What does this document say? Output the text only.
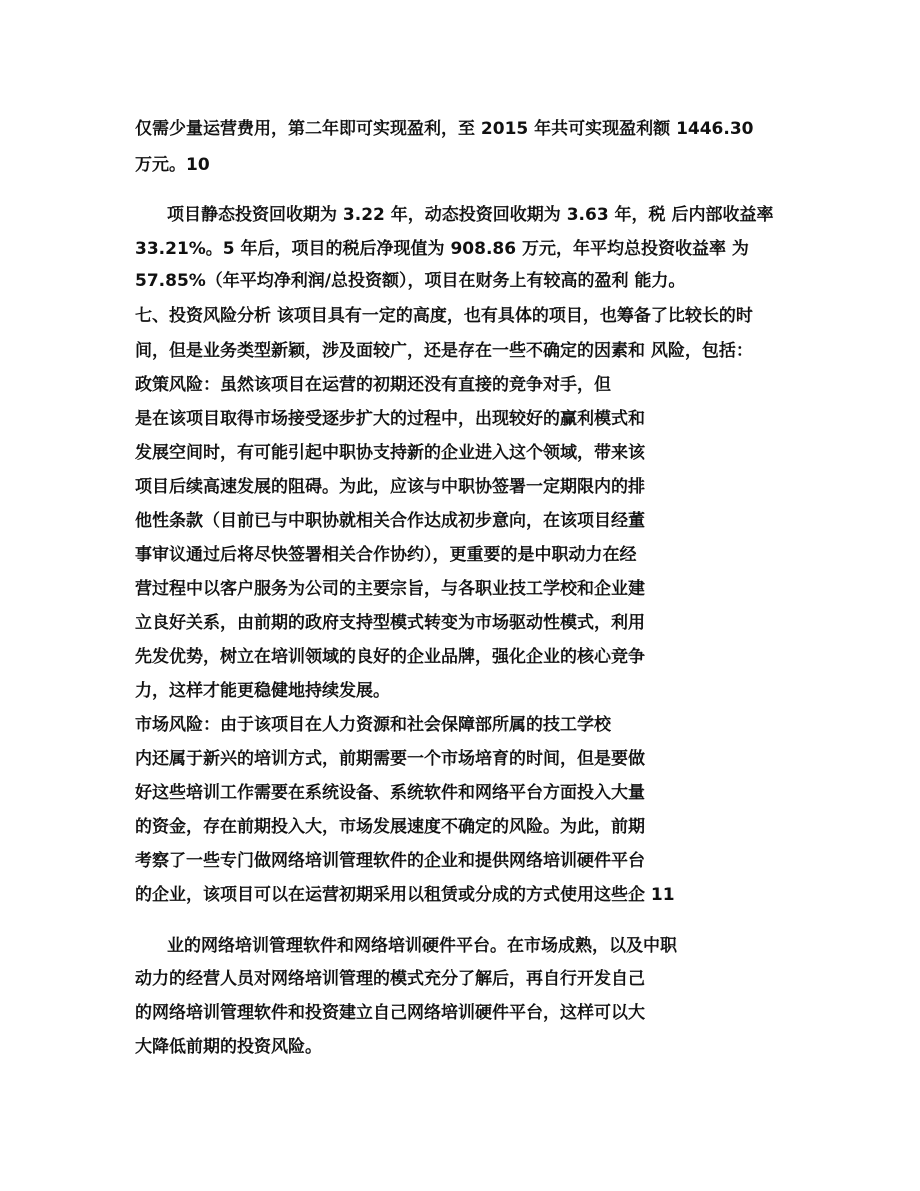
仅需少量运营费用，第二年即可实现盈利，至 2015 年共可实现盈利额 1446.30
万元。10
项目静态投资回收期为 3.22 年，动态投资回收期为 3.63 年，税 后内部收益率
33.21%。5 年后，项目的税后净现值为 908.86 万元，年平均总投资收益率 为
57.85%（年平均净利润/总投资额），项目在财务上有较高的盈利 能力。
七、投资风险分析 该项目具有一定的高度，也有具体的项目，也筹备了比较长的时
间，但是业务类型新颖，涉及面较广，还是存在一些不确定的因素和 风险，包括：
政策风险：虽然该项目在运营的初期还没有直接的竞争对手，但
是在该项目取得市场接受逐步扩大的过程中，出现较好的赢利模式和
发展空间时，有可能引起中职协支持新的企业进入这个领域，带来该
项目后续高速发展的阻碍。为此，应该与中职协签署一定期限内的排
他性条款（目前已与中职协就相关合作达成初步意向，在该项目经董
事审议通过后将尽快签署相关合作协约），更重要的是中职动力在经
营过程中以客户服务为公司的主要宗旨，与各职业技工学校和企业建
立良好关系，由前期的政府支持型模式转变为市场驱动性模式，利用
先发优势，树立在培训领域的良好的企业品牌，强化企业的核心竞争
力，这样才能更稳健地持续发展。
市场风险：由于该项目在人力资源和社会保障部所属的技工学校
内还属于新兴的培训方式，前期需要一个市场培育的时间，但是要做
好这些培训工作需要在系统设备、系统软件和网络平台方面投入大量
的资金，存在前期投入大，市场发展速度不确定的风险。为此，前期
考察了一些专门做网络培训管理软件的企业和提供网络培训硬件平台
的企业，该项目可以在运营初期采用以租赁或分成的方式使用这些企 11
业的网络培训管理软件和网络培训硬件平台。在市场成熟，以及中职
动力的经营人员对网络培训管理的模式充分了解后，再自行开发自己
的网络培训管理软件和投资建立自己网络培训硬件平台，这样可以大
大降低前期的投资风险。
